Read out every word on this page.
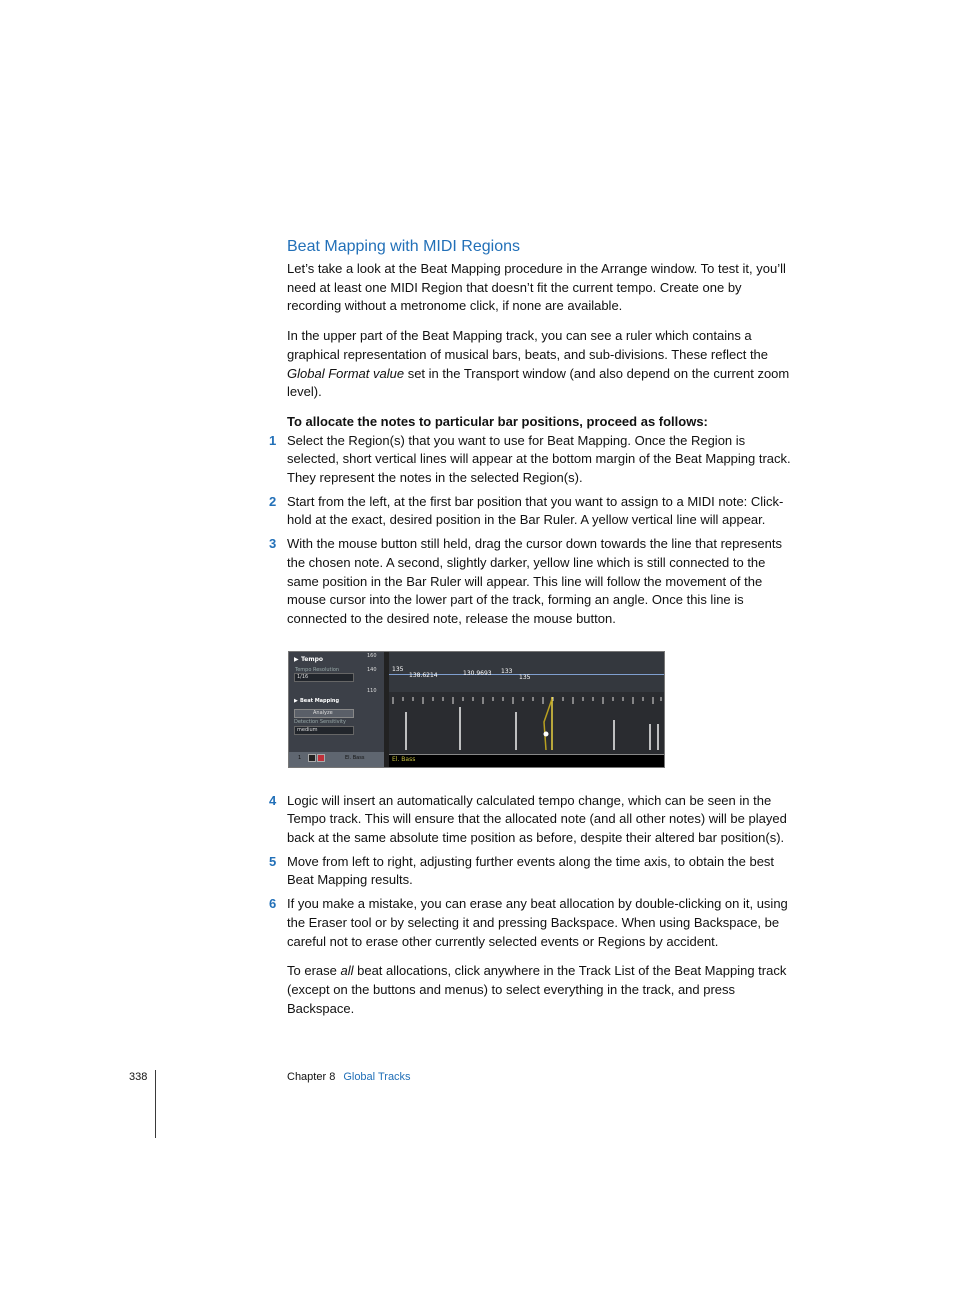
Beat Mapping with MIDI Regions

Let’s take a look at the Beat Mapping procedure in the Arrange window. To test it, you’ll need at least one MIDI Region that doesn’t fit the current tempo. Create one by recording without a metronome click, if none are available.

In the upper part of the Beat Mapping track, you can see a ruler which contains a graphical representation of musical bars, beats, and sub-divisions. These reflect the Global Format value set in the Transport window (and also depend on the current zoom level).

To allocate the notes to particular bar positions, proceed as follows:

1 Select the Region(s) that you want to use for Beat Mapping. Once the Region is selected, short vertical lines will appear at the bottom margin of the Beat Mapping track. They represent the notes in the selected Region(s).

2 Start from the left, at the first bar position that you want to assign to a MIDI note: Click-hold at the exact, desired position in the Bar Ruler. A yellow vertical line will appear.

3 With the mouse button still held, drag the cursor down towards the line that represents the chosen note. A second, slightly darker, yellow line which is still connected to the same position in the Bar Ruler will appear. This line will follow the movement of the mouse cursor into the lower part of the track, forming an angle. Once this line is connected to the desired note, release the mouse button.

▶ Tempo
Tempo Resolution
1/16
160
140
110
▶ Beat Mapping
Analyze
Detection Sensitivity
medium
1	El. Bass
135
138.6214	130.9693 133
135
El. Bass
4 Logic will insert an automatically calculated tempo change, which can be seen in the Tempo track. This will ensure that the allocated note (and all other notes) will be played back at the same absolute time position as before, despite their altered bar position(s).

5 Move from left to right, adjusting further events along the time axis, to obtain the best Beat Mapping results.

6 If you make a mistake, you can erase any beat allocation by double-clicking on it, using the Eraser tool or by selecting it and pressing Backspace. When using Backspace, be careful not to erase other currently selected events or Regions by accident.

To erase all beat allocations, click anywhere in the Track List of the Beat Mapping track (except on the buttons and menus) to select everything in the track, and press Backspace.

338	Chapter 8 Global Tracks
